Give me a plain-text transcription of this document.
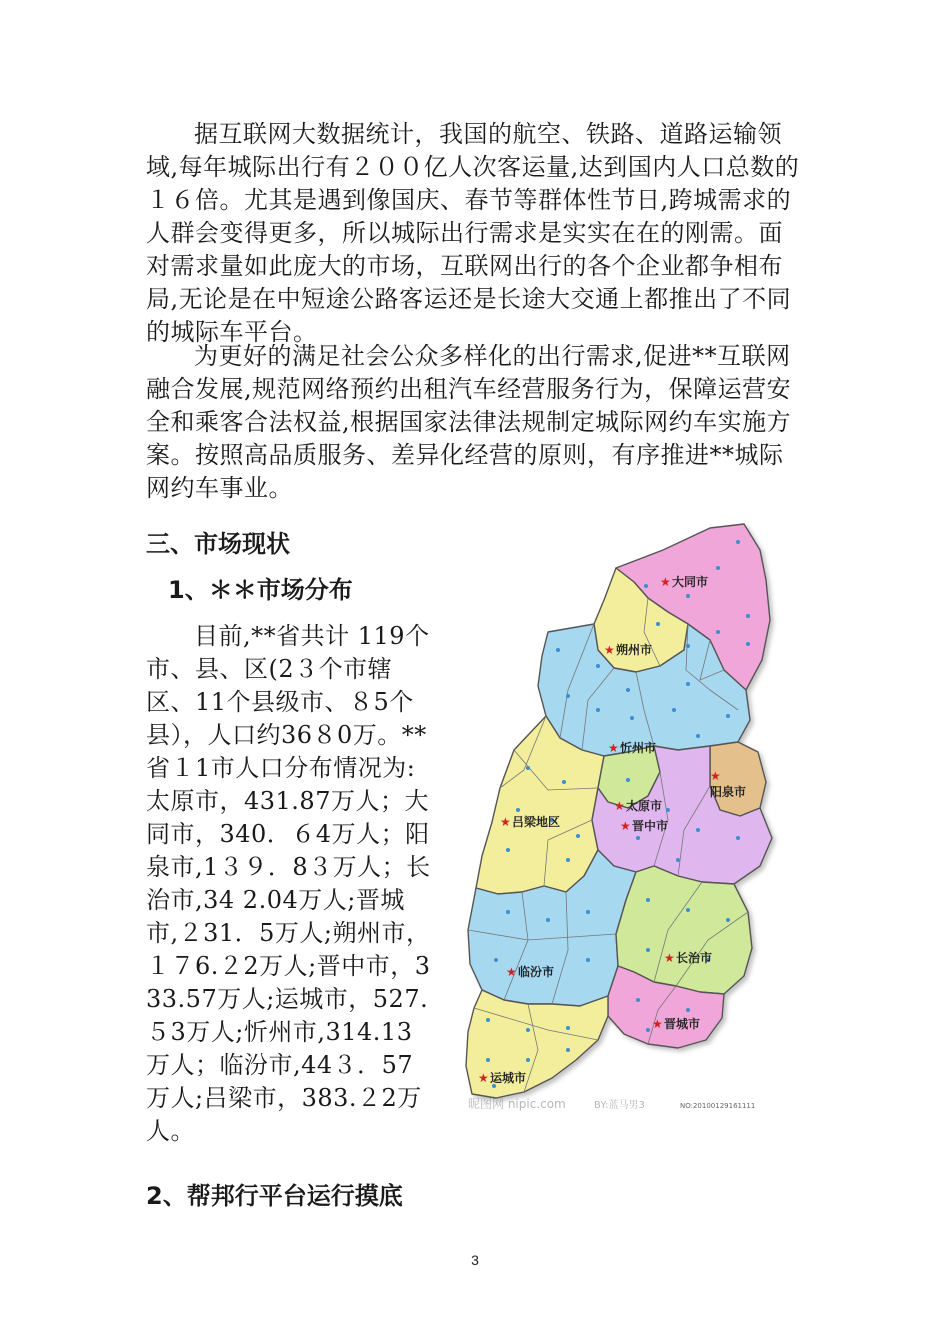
据互联网大数据统计，我国的航空、铁路、道路运输领域,每年城际出行有２００亿人次客运量,达到国内人口总数的１６倍。尤其是遇到像国庆、春节等群体性节日,跨城需求的人群会变得更多，所以城际出行需求是实实在在的刚需。面对需求量如此庞大的市场，互联网出行的各个企业都争相布局,无论是在中短途公路客运还是长途大交通上都推出了不同的城际车平台。

为更好的满足社会公众多样化的出行需求,促进**互联网融合发展,规范网络预约出租汽车经营服务行为，保障运营安全和乘客合法权益,根据国家法律法规制定城际网约车实施方案。按照高品质服务、差异化经营的原则，有序推进**城际网约车事业。

三、市场现状
1、＊＊市场分布

目前,**省共计 119个市、县、区(2３个市辖区、11个县级市、８5个县），人口约36８0万。**省１1市人口分布情况为:太原市，431.87万人；大同市，340．６4万人；阳泉市,1３９．8３万人；长治市,34 2.04万人;晋城市,２31．5万人;朔州市，１７6.２2万人;晋中市，333.57万人;运城市，527.５3万人;忻州市,314.13万人；临汾市,44３．57万人;吕梁市，383.２2万人。

★ 大同市
★ 朔州市
★ 忻州市
★
阳泉市
★ 太原市
★ 晋中市
★ 吕梁地区
★ 临汾市
★ 长治市
★ 晋城市
★ 运城市
昵图网 nipic.com	BY:蓝马男3	NO:20100129161111
2、帮邦行平台运行摸底
3
